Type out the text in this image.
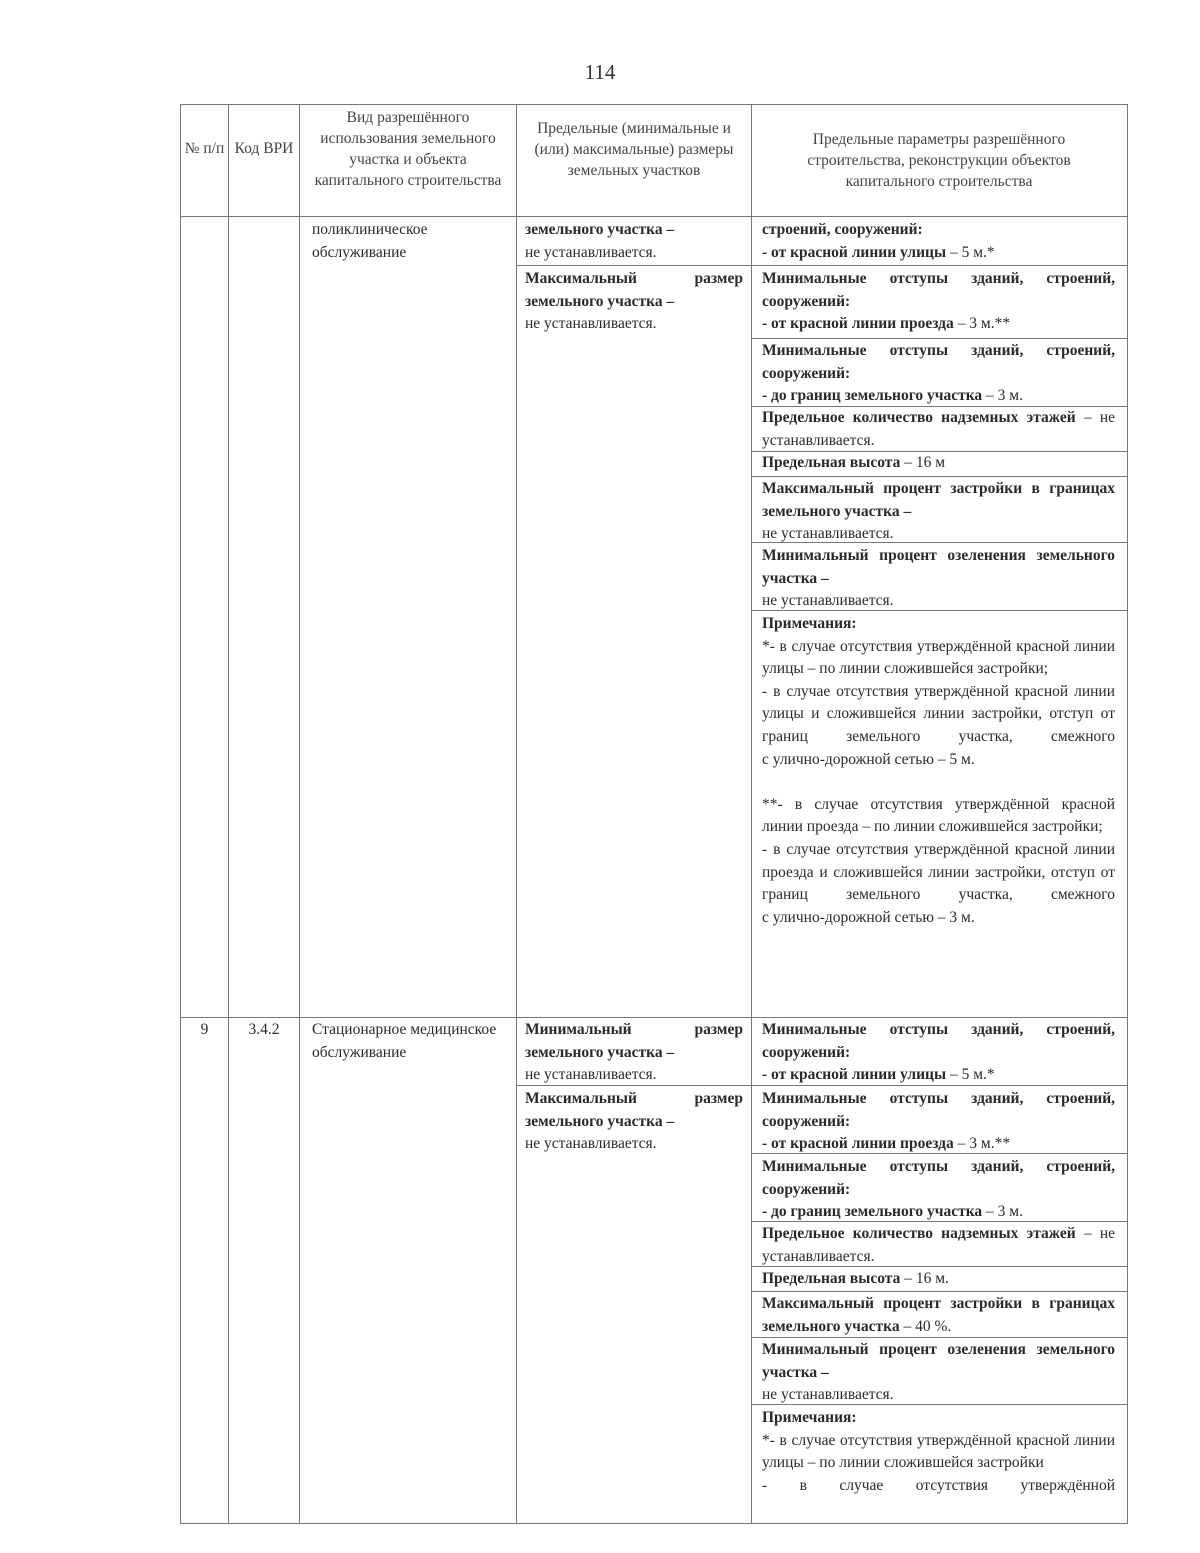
114
№ п/п Код ВРИ
Вид разрешённого использования земельного участка и объекта капитального строительства
Предельные (минимальные и (или) максимальные) размеры земельных участков
Предельные параметры разрешённого строительства, реконструкции объектов капитального строительства
поликлиническое обслуживание
земельного участка –
не устанавливается.
Максимальный размер
земельного участка –
не устанавливается.
строений, сооружений:
- от красной линии улицы – 5 м.*
Минимальные отступы зданий, строений, сооружений:
- от красной линии проезда – 3 м.**
Минимальные отступы зданий, строений, сооружений:
- до границ земельного участка – 3 м.
Предельное количество надземных этажей – не устанавливается.
Предельная высота – 16 м
Максимальный процент застройки в границах земельного участка –
не устанавливается.
Минимальный процент озеленения земельного участка –
не устанавливается.
Примечания:
*- в случае отсутствия утверждённой красной линии улицы – по линии сложившейся застройки;
- в случае отсутствия утверждённой красной линии улицы и сложившейся линии застройки, отступ от границ земельного участка, смежного
с улично-дорожной сетью – 5 м.
**- в случае отсутствия утверждённой красной линии проезда – по линии сложившейся застройки;
- в случае отсутствия утверждённой красной линии проезда и сложившейся линии застройки, отступ от границ земельного участка, смежного
с улично-дорожной сетью – 3 м.
9	3.4.2	Стационарное медицинское обслуживание
Минимальный размер
земельного участка –
не устанавливается.
Максимальный размер
земельного участка –
не устанавливается.
Минимальные отступы зданий, строений, сооружений:
- от красной линии улицы – 5 м.*
Минимальные отступы зданий, строений, сооружений:
- от красной линии проезда – 3 м.**
Минимальные отступы зданий, строений, сооружений:
- до границ земельного участка – 3 м.
Предельное количество надземных этажей – не устанавливается.
Предельная высота – 16 м.
Максимальный процент застройки в границах земельного участка – 40 %.
Минимальный процент озеленения земельного участка –
не устанавливается.
Примечания:
*- в случае отсутствия утверждённой красной линии улицы – по линии сложившейся застройки
- в случае отсутствия утверждённой
